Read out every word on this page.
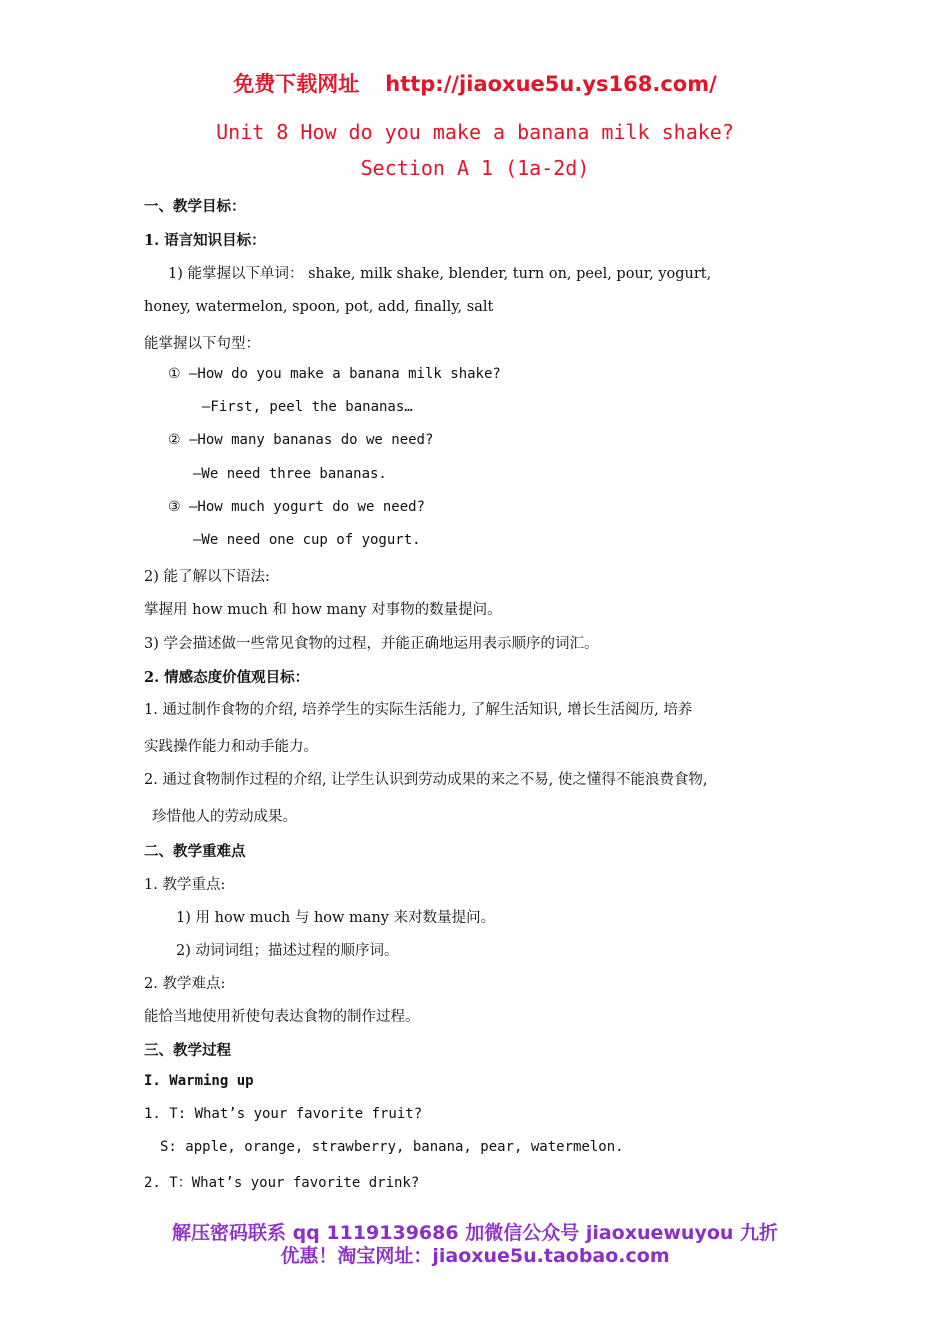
免费下载网址 http://jiaoxue5u.ys168.com/
Unit 8 How do you make a banana milk shake?
Section A 1 (1a-2d)
一、教学目标：
1. 语言知识目标：
1) 能掌握以下单词： shake, milk shake, blender, turn on, peel, pour, yogurt,
honey, watermelon, spoon, pot, add, finally, salt
能掌握以下句型：
① —How do you make a banana milk shake?
—First, peel the bananas…
② —How many bananas do we need?
—We need three bananas.
③ —How much yogurt do we need?
—We need one cup of yogurt.
2) 能了解以下语法:
掌握用 how much 和 how many 对事物的数量提问。
3) 学会描述做一些常见食物的过程，并能正确地运用表示顺序的词汇。
2. 情感态度价值观目标：
1. 通过制作食物的介绍, 培养学生的实际生活能力, 了解生活知识, 增长生活阅历, 培养
实践操作能力和动手能力。
2. 通过食物制作过程的介绍, 让学生认识到劳动成果的来之不易, 使之懂得不能浪费食物,
珍惜他人的劳动成果。
二、教学重难点
1. 教学重点:
1) 用 how much 与 how many 来对数量提问。
2) 动词词组；描述过程的顺序词。
2. 教学难点:
能恰当地使用祈使句表达食物的制作过程。
三、教学过程
I. Warming up
1. T: What’s your favorite fruit?
S: apple, orange, strawberry, banana, pear, watermelon.
2. T：What’s your favorite drink?
解压密码联系 qq 1119139686 加微信公众号 jiaoxuewuyou 九折
优惠！淘宝网址：jiaoxue5u.taobao.com
